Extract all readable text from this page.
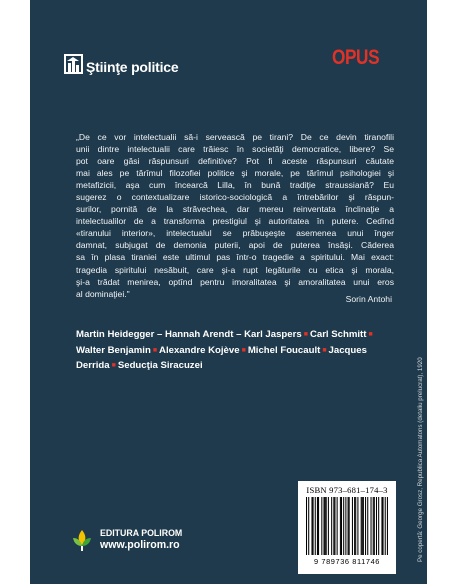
Ştiinţe politice	OPUS
„De ce vor intelectualii să-i servească pe tirani? De ce devin tiranofili
unii dintre intelectualii care trăiesc în societăţi democratice, libere? Se
pot oare găsi răspunsuri definitive? Pot fi aceste răspunsuri căutate
mai ales pe tărîmul filozofiei politice şi morale, pe tărîmul psihologiei şi
metafizicii, aşa cum încearcă Lilla, în bună tradiţie straussiană? Eu
sugerez o contextualizare istorico-sociologică a întrebărilor şi răspun-
surilor, pornită de la străvechea, dar mereu reinventata înclinaţie a
intelectualilor de a transforma prestigiul şi autoritatea în putere. Cedînd
«tiranului interior», intelectualul se prăbuşeşte asemenea unui înger
damnat, subjugat de demonia puterii, apoi de puterea însăşi. Căderea
sa în plasa tiraniei este ultimul pas într-o tragedie a spiritului. Mai exact:
tragedia spiritului nesăbuit, care şi-a rupt legăturile cu etica şi morala,
şi-a trădat menirea, optînd pentru imoralitatea şi amoralitatea unui eros
al dominaţiei."
Sorin Antohi
Martin Heidegger – Hannah Arendt – Karl Jaspers ■ Carl Schmitt ■
Walter Benjamin ■ Alexandre Kojève ■ Michel Foucault ■ Jacques
Derrida ■ Seducţia Siracuzei	Pe copertă: George Grosz, Republica Automatons (detaliu prelucrat), 1920
EDITURA POLIROM
www.polirom.ro
ISBN 973–681–174–3
9 789736 811746
